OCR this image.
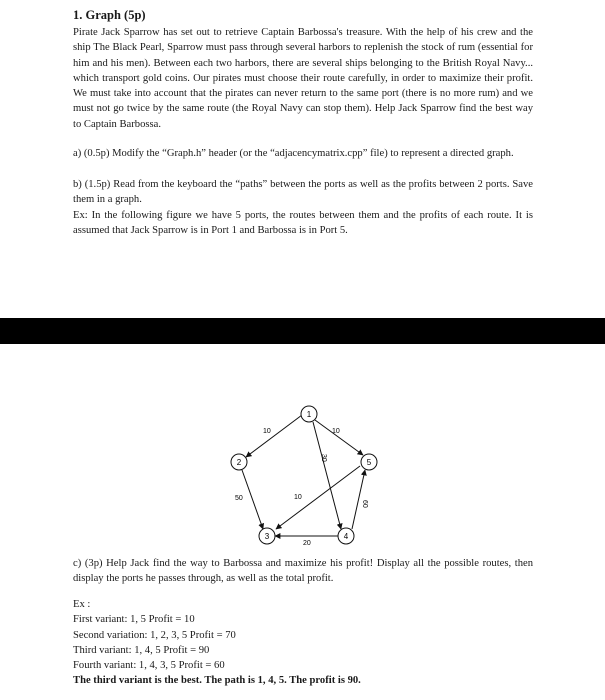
1. Graph (5p)
Pirate Jack Sparrow has set out to retrieve Captain Barbossa's treasure. With the help of his crew and the ship The Black Pearl, Sparrow must pass through several harbors to replenish the stock of rum (essential for him and his men). Between each two harbors, there are several ships belonging to the British Royal Navy... which transport gold coins. Our pirates must choose their route carefully, in order to maximize their profit. We must take into account that the pirates can never return to the same port (there is no more rum) and we must not go twice by the same route (the Royal Navy can stop them). Help Jack Sparrow find the best way to Captain Barbossa.
a) (0.5p) Modify the “Graph.h” header (or the “adjacencymatrix.cpp” file) to represent a directed graph.
b) (1.5p) Read from the keyboard the “paths” between the ports as well as the profits between 2 ports. Save them in a graph.
Ex: In the following figure we have 5 ports, the routes between them and the profits of each route. It is assumed that Jack Sparrow is in Port 1 and Barbossa is in Port 5.
10	10
30
50
20
10
60
1
2
3	4
5
c) (3p) Help Jack find the way to Barbossa and maximize his profit! Display all the possible routes, then display the ports he passes through, as well as the total profit.
Ex :
First variant: 1, 5 Profit = 10
Second variation: 1, 2, 3, 5 Profit = 70
Third variant: 1, 4, 5 Profit = 90
Fourth variant: 1, 4, 3, 5 Profit = 60
The third variant is the best. The path is 1, 4, 5. The profit is 90.
